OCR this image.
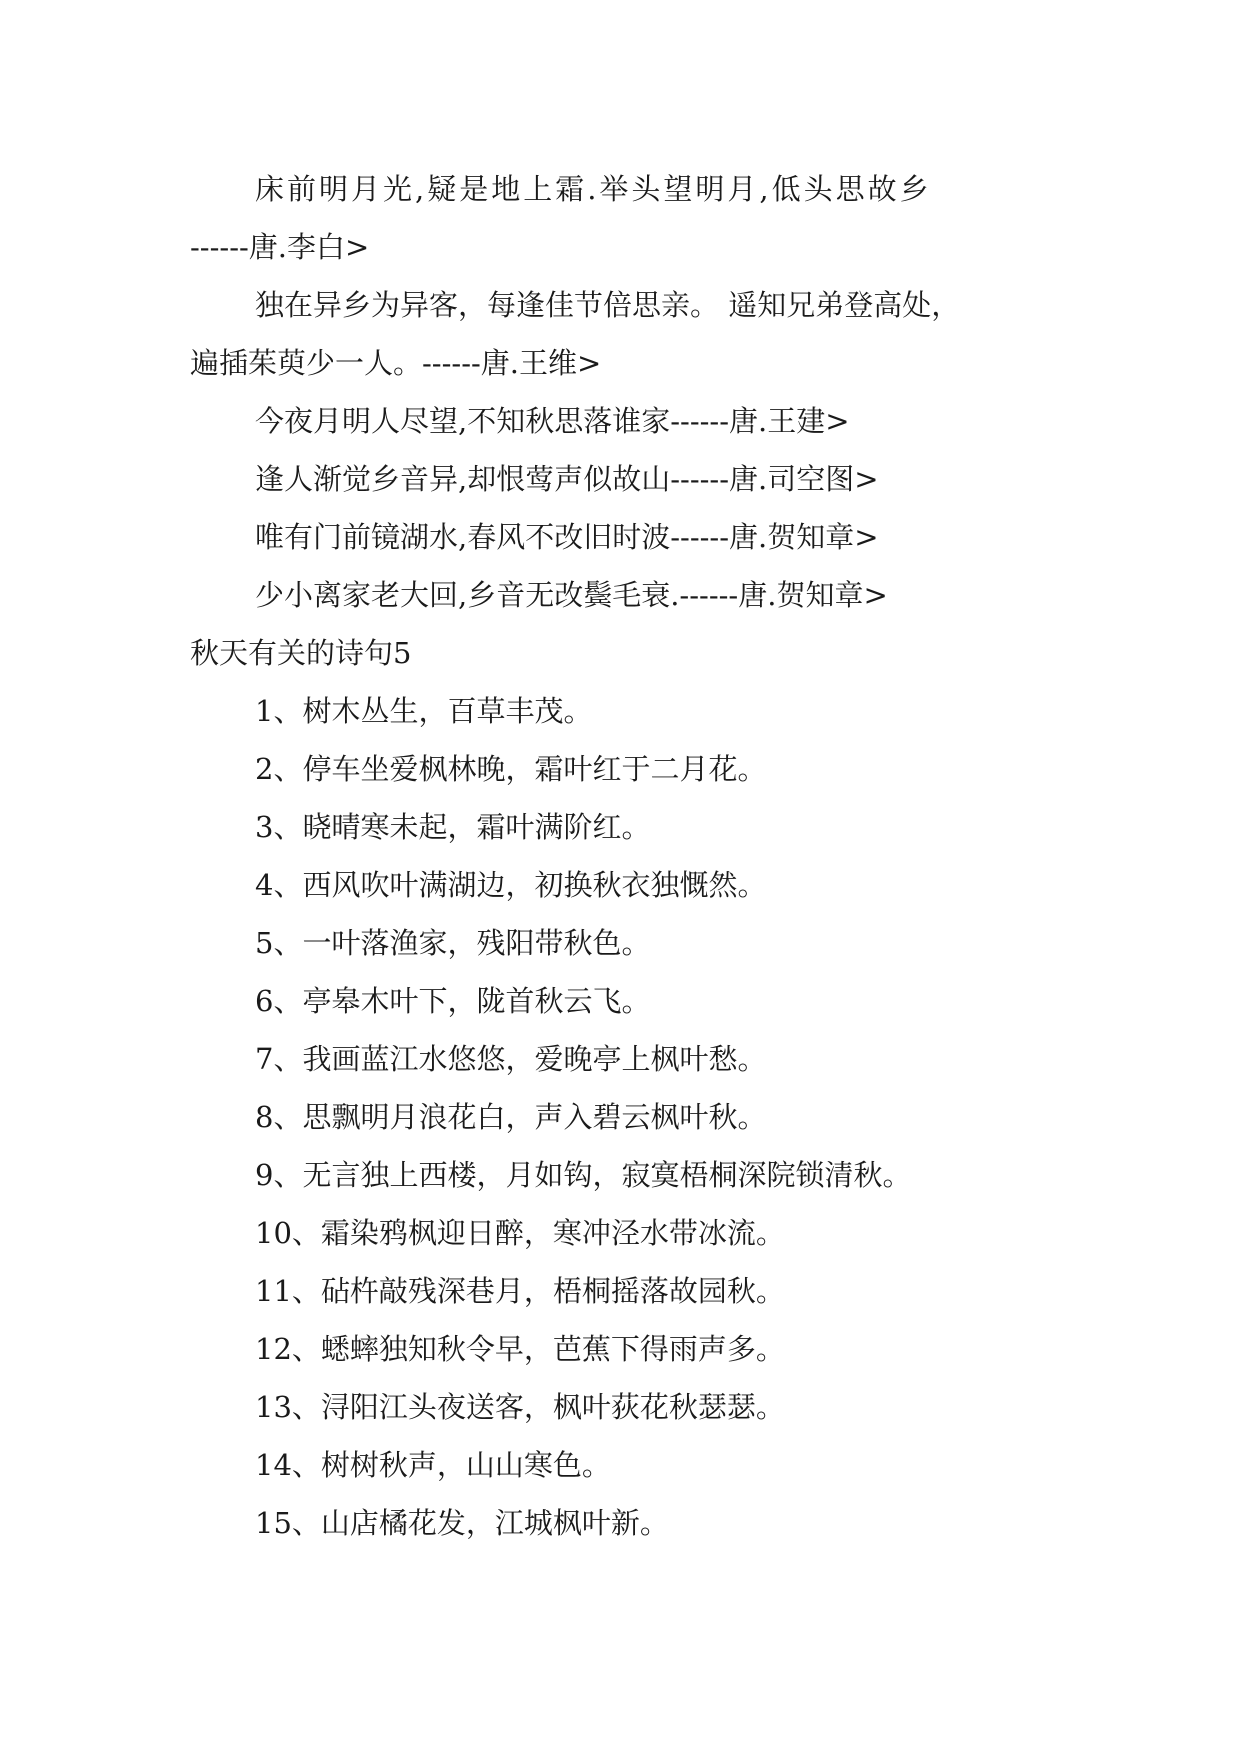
床前明月光,疑是地上霜.举头望明月,低头思故乡
------唐.李白>
独在异乡为异客，每逢佳节倍思亲。 遥知兄弟登高处，
遍插茱萸少一人。------唐.王维>
今夜月明人尽望,不知秋思落谁家------唐.王建>
逢人渐觉乡音异,却恨莺声似故山------唐.司空图>
唯有门前镜湖水,春风不改旧时波------唐.贺知章>
少小离家老大回,乡音无改鬓毛衰.------唐.贺知章>
秋天有关的诗句5
1、树木丛生，百草丰茂。
2、停车坐爱枫林晚，霜叶红于二月花。
3、晓晴寒未起，霜叶满阶红。
4、西风吹叶满湖边，初换秋衣独慨然。
5、一叶落渔家，残阳带秋色。
6、亭皋木叶下，陇首秋云飞。
7、我画蓝江水悠悠，爱晚亭上枫叶愁。
8、思飘明月浪花白，声入碧云枫叶秋。
9、无言独上西楼，月如钩，寂寞梧桐深院锁清秋。
10、霜染鸦枫迎日醉，寒冲泾水带冰流。
11、砧杵敲残深巷月，梧桐摇落故园秋。
12、蟋蟀独知秋令早，芭蕉下得雨声多。
13、浔阳江头夜送客，枫叶荻花秋瑟瑟。
14、树树秋声，山山寒色。
15、山店橘花发，江城枫叶新。
